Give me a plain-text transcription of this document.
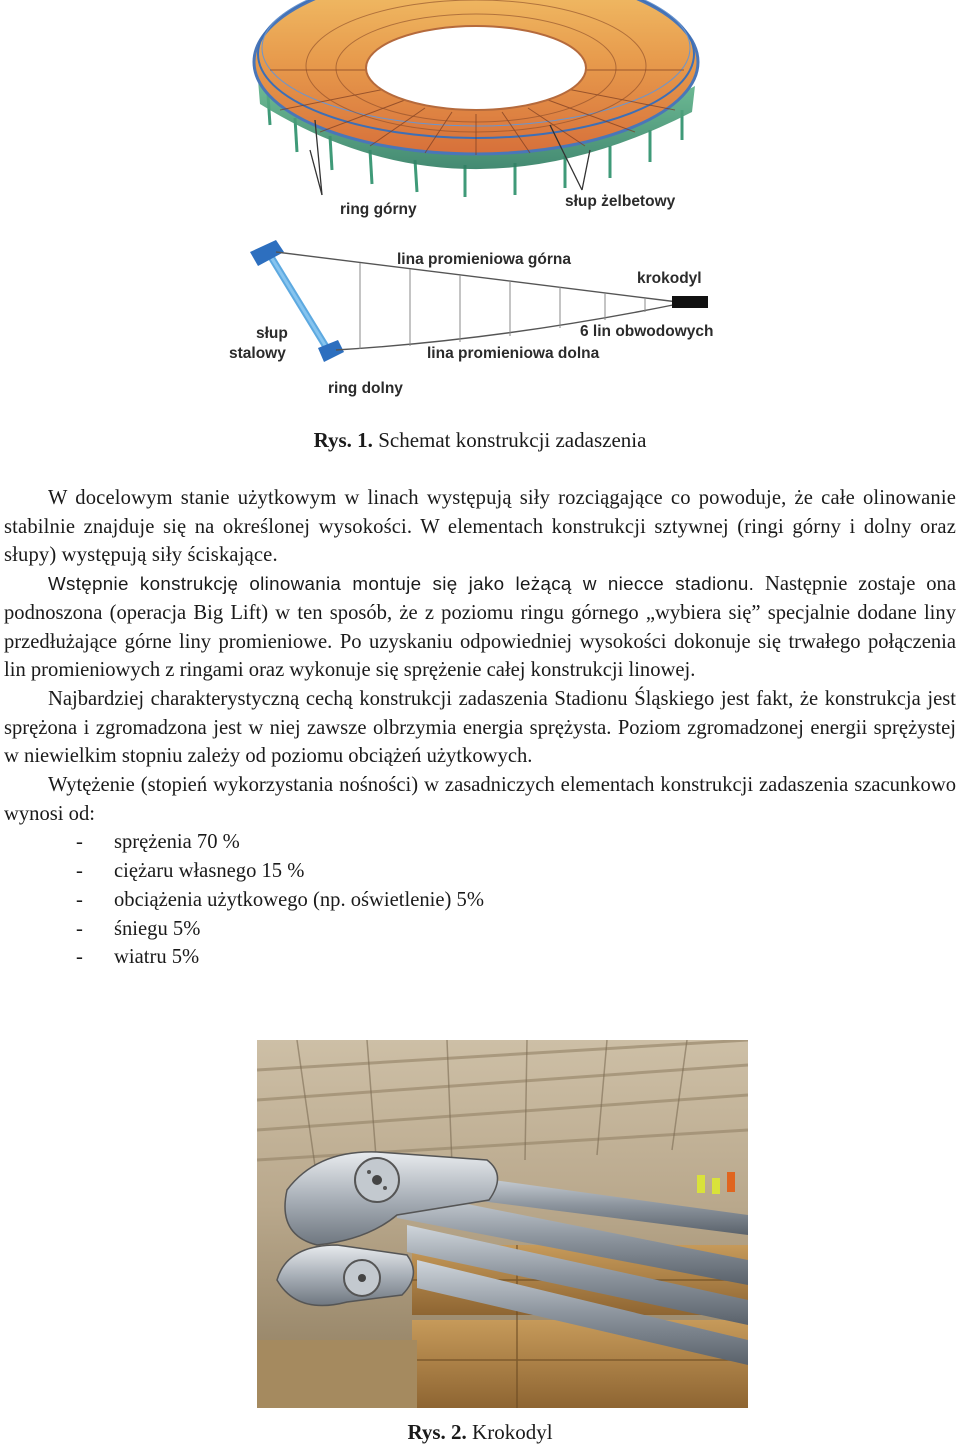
ring górny	słup żelbetowy
lina promieniowa górna
krokodyl
słup
stalowy
6 lin obwodowych
lina promieniowa dolna
ring dolny
Rys. 1. Schemat konstrukcji zadaszenia

W docelowym stanie użytkowym w linach występują siły rozciągające co powoduje, że całe olinowanie stabilnie znajduje się na określonej wysokości. W elementach konstrukcji sztywnej (ringi górny i dolny oraz słupy) występują siły ściskające.

Wstępnie konstrukcję olinowania montuje się jako leżącą w niecce stadionu. Następnie zostaje ona podnoszona (operacja Big Lift) w ten sposób, że z poziomu ringu górnego „wybiera się” specjalnie dodane liny przedłużające górne liny promieniowe. Po uzyskaniu odpowiedniej wysokości dokonuje się trwałego połączenia lin promieniowych z ringami oraz wykonuje się sprężenie całej konstrukcji linowej.

Najbardziej charakterystyczną cechą konstrukcji zadaszenia Stadionu Śląskiego jest fakt, że konstrukcja jest sprężona i zgromadzona jest w niej zawsze olbrzymia energia sprężysta. Poziom zgromadzonej energii sprężystej w niewielkim stopniu zależy od poziomu obciążeń użytkowych.

Wytężenie (stopień wykorzystania nośności) w zasadniczych elementach konstrukcji zadaszenia szacunkowo wynosi od:

- sprężenia 70 %
- ciężaru własnego 15 %
- obciążenia użytkowego (np. oświetlenie) 5%
- śniegu 5%
- wiatru 5%
Rys. 2. Krokodyl
